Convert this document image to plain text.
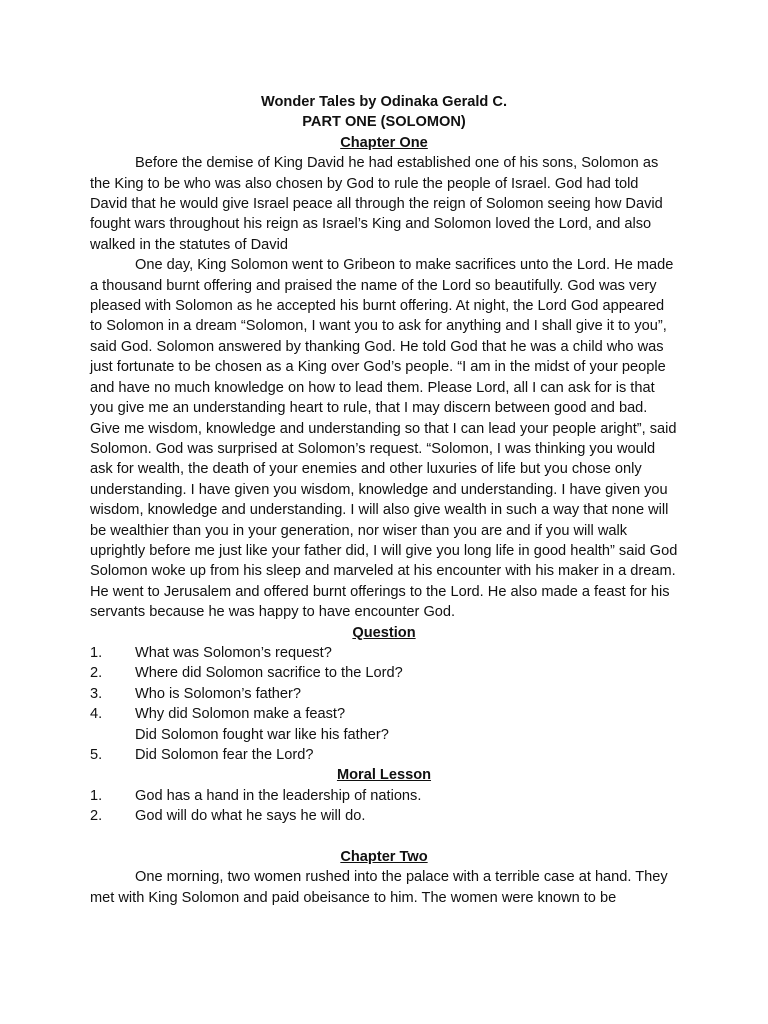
Wonder Tales by Odinaka Gerald C.
PART ONE (SOLOMON)
Chapter One

Before the demise of King David he had established one of his sons, Solomon as the King to be who was also chosen by God to rule the people of Israel. God had told David that he would give Israel peace all through the reign of Solomon seeing how David fought wars throughout his reign as Israel’s King and Solomon loved the Lord, and also walked in the statutes of David

One day, King Solomon went to Gribeon to make sacrifices unto the Lord. He made a thousand burnt offering and praised the name of the Lord so beautifully. God was very pleased with Solomon as he accepted his burnt offering. At night, the Lord God appeared to Solomon in a dream “Solomon, I want you to ask for anything and I shall give it to you”, said God. Solomon answered by thanking God. He told God that he was a child who was just fortunate to be chosen as a King over God’s people. “I am in the midst of your people and have no much knowledge on how to lead them. Please Lord, all I can ask for is that you give me an understanding heart to rule, that I may discern between good and bad. Give me wisdom, knowledge and understanding so that I can lead your people aright”, said Solomon. God was surprised at Solomon’s request. “Solomon, I was thinking you would ask for wealth, the death of your enemies and other luxuries of life but you chose only understanding. I have given you wisdom, knowledge and understanding. I have given you wisdom, knowledge and understanding. I will also give wealth in such a way that none will be wealthier than you in your generation, nor wiser than you are and if you will walk uprightly before me just like your father did, I will give you long life in good health” said God

Solomon woke up from his sleep and marveled at his encounter with his maker in a dream. He went to Jerusalem and offered burnt offerings to the Lord. He also made a feast for his servants because he was happy to have encounter God.

Question
1.	What was Solomon’s request?
2.	Where did Solomon sacrifice to the Lord?
3.	Who is Solomon’s father?
4.	Why did Solomon make a feast?
Did Solomon fought war like his father?
5.	Did Solomon fear the Lord?
Moral Lesson
1.	God has a hand in the leadership of nations.
2.	God will do what he says he will do.
Chapter Two

One morning, two women rushed into the palace with a terrible case at hand. They met with King Solomon and paid obeisance to him. The women were known to be
